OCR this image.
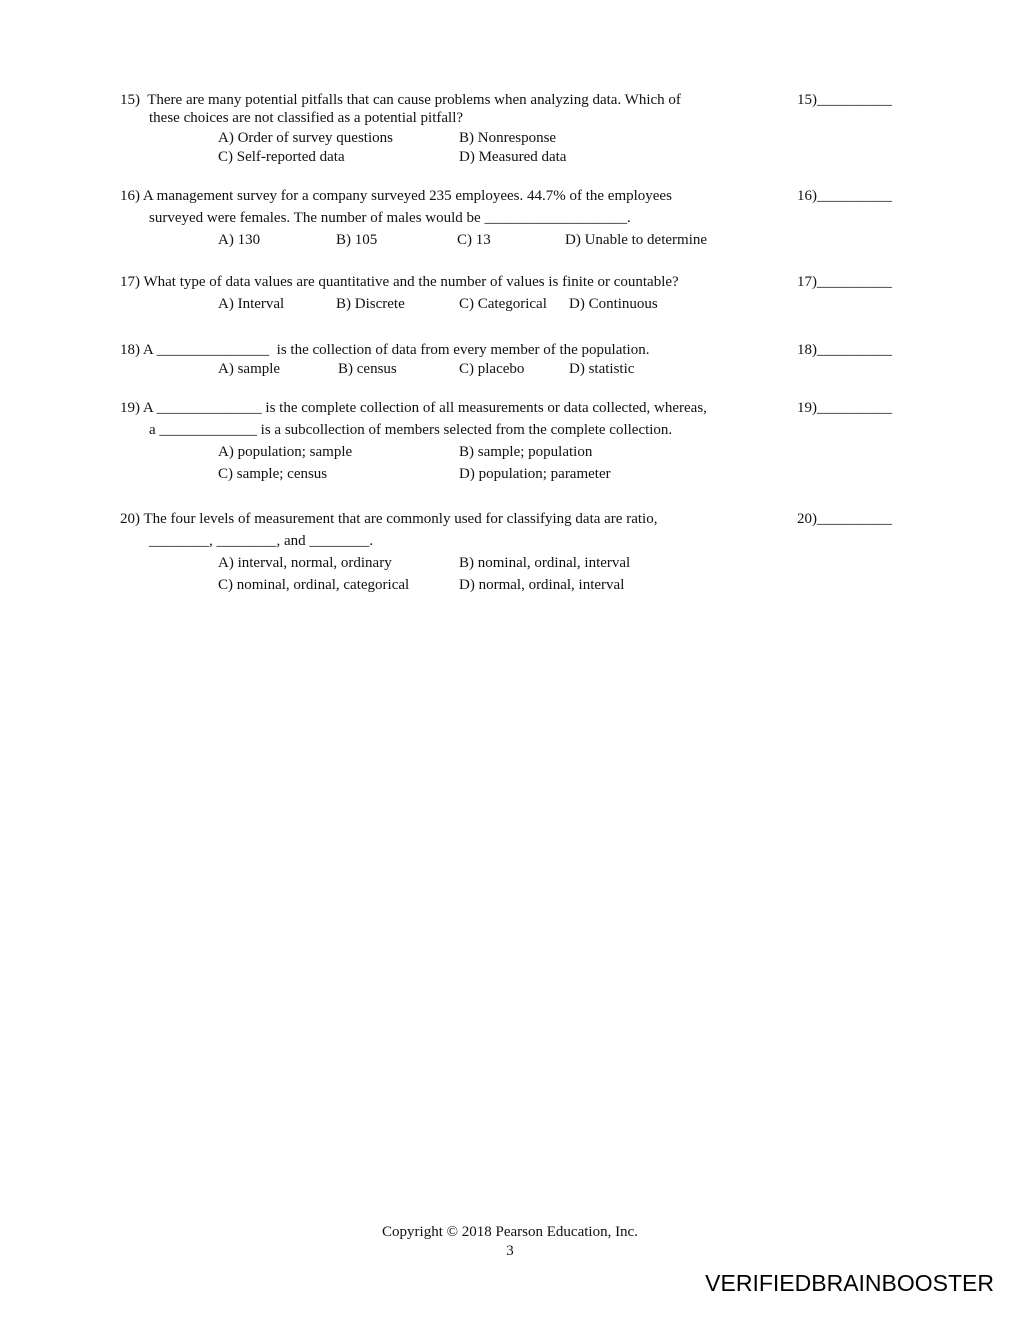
15)  There are many potential pitfalls that can cause problems when analyzing data. Which of
these choices are not classified as a potential pitfall?
A) Order of survey questions	B) Nonresponse
C) Self-reported data	D) Measured data
15)__________
16) A management survey for a company surveyed 235 employees. 44.7% of the employees
surveyed were females. The number of males would be ___________________.
A) 130	B) 105	C) 13	D) Unable to determine
16)__________
17) What type of data values are quantitative and the number of values is finite or countable?
A) Interval	B) Discrete	C) Categorical D) Continuous
17)__________
18) A _______________  is the collection of data from every member of the population.
A) sample	B) census	C) placebo	D) statistic
18)__________
19) A ______________ is the complete collection of all measurements or data collected, whereas,
a _____________ is a subcollection of members selected from the complete collection.
A) population; sample	B) sample; population
C) sample; census	D) population; parameter
19)__________
20) The four levels of measurement that are commonly used for classifying data are ratio,
________, ________, and ________.
A) interval, normal, ordinary	B) nominal, ordinal, interval
C) nominal, ordinal, categorical	D) normal, ordinal, interval
20)__________
Copyright © 2018 Pearson Education, Inc.
3
VERIFIEDBRAINBOOSTER
